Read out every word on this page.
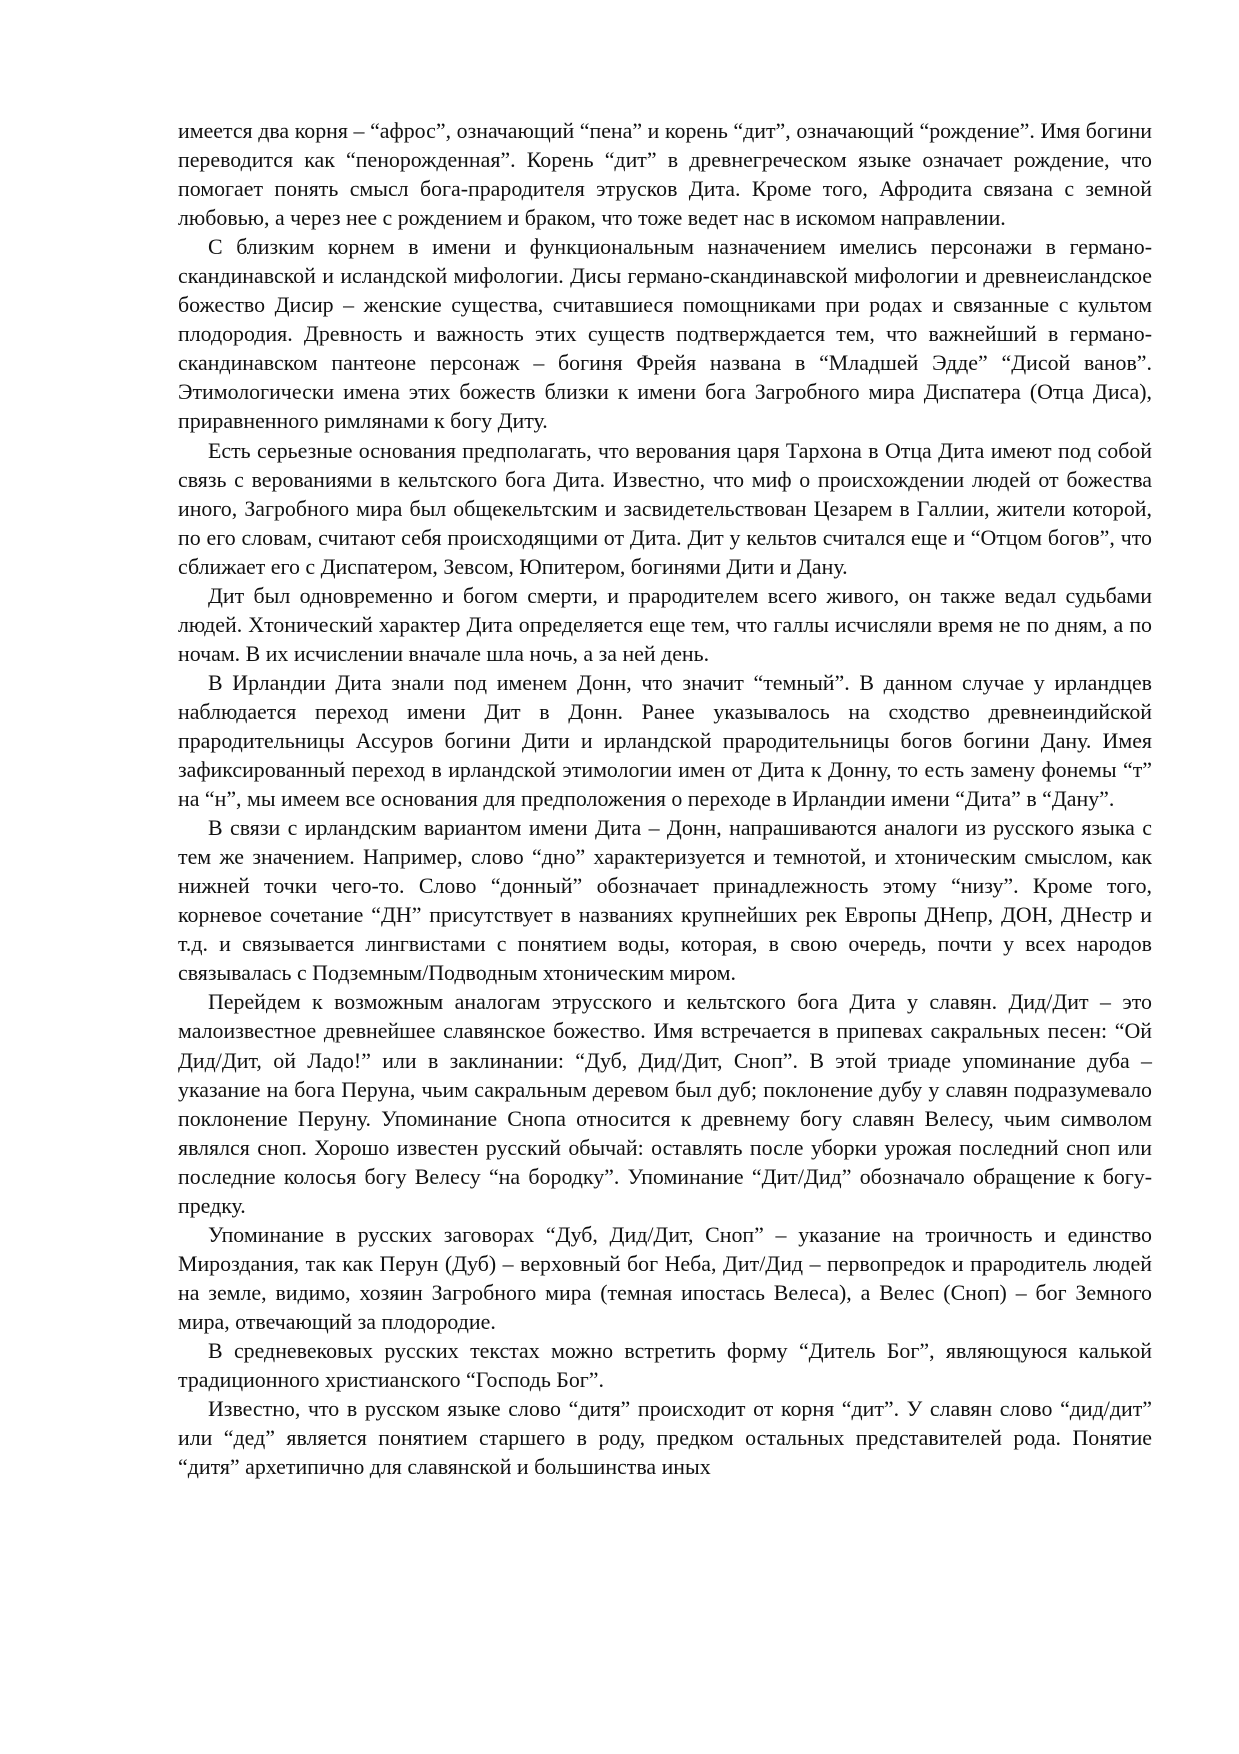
имеется два корня – “афрос”, означающий “пена” и корень “дит”, означающий “рождение”. Имя богини переводится как “пенорожденная”. Корень “дит” в древнегреческом языке означает рождение, что помогает понять смысл бога-прародителя этрусков Дита. Кроме того, Афродита связана с земной любовью, а через нее с рождением и браком, что тоже ведет нас в искомом направлении.

С близким корнем в имени и функциональным назначением имелись персонажи в германо-скандинавской и исландской мифологии. Дисы германо-скандинавской мифологии и древнеисландское божество Дисир – женские существа, считавшиеся помощниками при родах и связанные с культом плодородия. Древность и важность этих существ подтверждается тем, что важнейший в германо-скандинавском пантеоне персонаж – богиня Фрейя названа в “Младшей Эдде” “Дисой ванов”. Этимологически имена этих божеств близки к имени бога Загробного мира Диспатера (Отца Диса), приравненного римлянами к богу Диту.

Есть серьезные основания предполагать, что верования царя Тархона в Отца Дита имеют под собой связь с верованиями в кельтского бога Дита. Известно, что миф о происхождении людей от божества иного, Загробного мира был общекельтским и засвидетельствован Цезарем в Галлии, жители которой, по его словам, считают себя происходящими от Дита. Дит у кельтов считался еще и “Отцом богов”, что сближает его с Диспатером, Зевсом, Юпитером, богинями Дити и Дану.

Дит был одновременно и богом смерти, и прародителем всего живого, он также ведал судьбами людей. Хтонический характер Дита определяется еще тем, что галлы исчисляли время не по дням, а по ночам. В их исчислении вначале шла ночь, а за ней день.

В Ирландии Дита знали под именем Донн, что значит “темный”. В данном случае у ирландцев наблюдается переход имени Дит в Донн. Ранее указывалось на сходство древнеиндийской прародительницы Ассуров богини Дити и ирландской прародительницы богов богини Дану. Имея зафиксированный переход в ирландской этимологии имен от Дита к Донну, то есть замену фонемы “т” на “н”, мы имеем все основания для предположения о переходе в Ирландии имени “Дита” в “Дану”.

В связи с ирландским вариантом имени Дита – Донн, напрашиваются аналоги из русского языка с тем же значением. Например, слово “дно” характеризуется и темнотой, и хтоническим смыслом, как нижней точки чего-то. Слово “донный” обозначает принадлежность этому “низу”. Кроме того, корневое сочетание “ДН” присутствует в названиях крупнейших рек Европы ДНепр, ДОН, ДНестр и т.д. и связывается лингвистами с понятием воды, которая, в свою очередь, почти у всех народов связывалась с Подземным/Подводным хтоническим миром.

Перейдем к возможным аналогам этрусского и кельтского бога Дита у славян. Дид/Дит – это малоизвестное древнейшее славянское божество. Имя встречается в припевах сакральных песен: “Ой Дид/Дит, ой Ладо!” или в заклинании: “Дуб, Дид/Дит, Сноп”. В этой триаде упоминание дуба – указание на бога Перуна, чьим сакральным деревом был дуб; поклонение дубу у славян подразумевало поклонение Перуну. Упоминание Снопа относится к древнему богу славян Велесу, чьим символом являлся сноп. Хорошо известен русский обычай: оставлять после уборки урожая последний сноп или последние колосья богу Велесу “на бородку”. Упоминание “Дит/Дид” обозначало обращение к богу-предку.

Упоминание в русских заговорах “Дуб, Дид/Дит, Сноп” – указание на троичность и единство Мироздания, так как Перун (Дуб) – верховный бог Неба, Дит/Дид – первопредок и прародитель людей на земле, видимо, хозяин Загробного мира (темная ипостась Велеса), а Велес (Сноп) – бог Земного мира, отвечающий за плодородие.

В средневековых русских текстах можно встретить форму “Дитель Бог”, являющуюся калькой традиционного христианского “Господь Бог”.

Известно, что в русском языке слово “дитя” происходит от корня “дит”. У славян слово “дид/дит” или “дед” является понятием старшего в роду, предком остальных представителей рода. Понятие “дитя” архетипично для славянской и большинства иных
